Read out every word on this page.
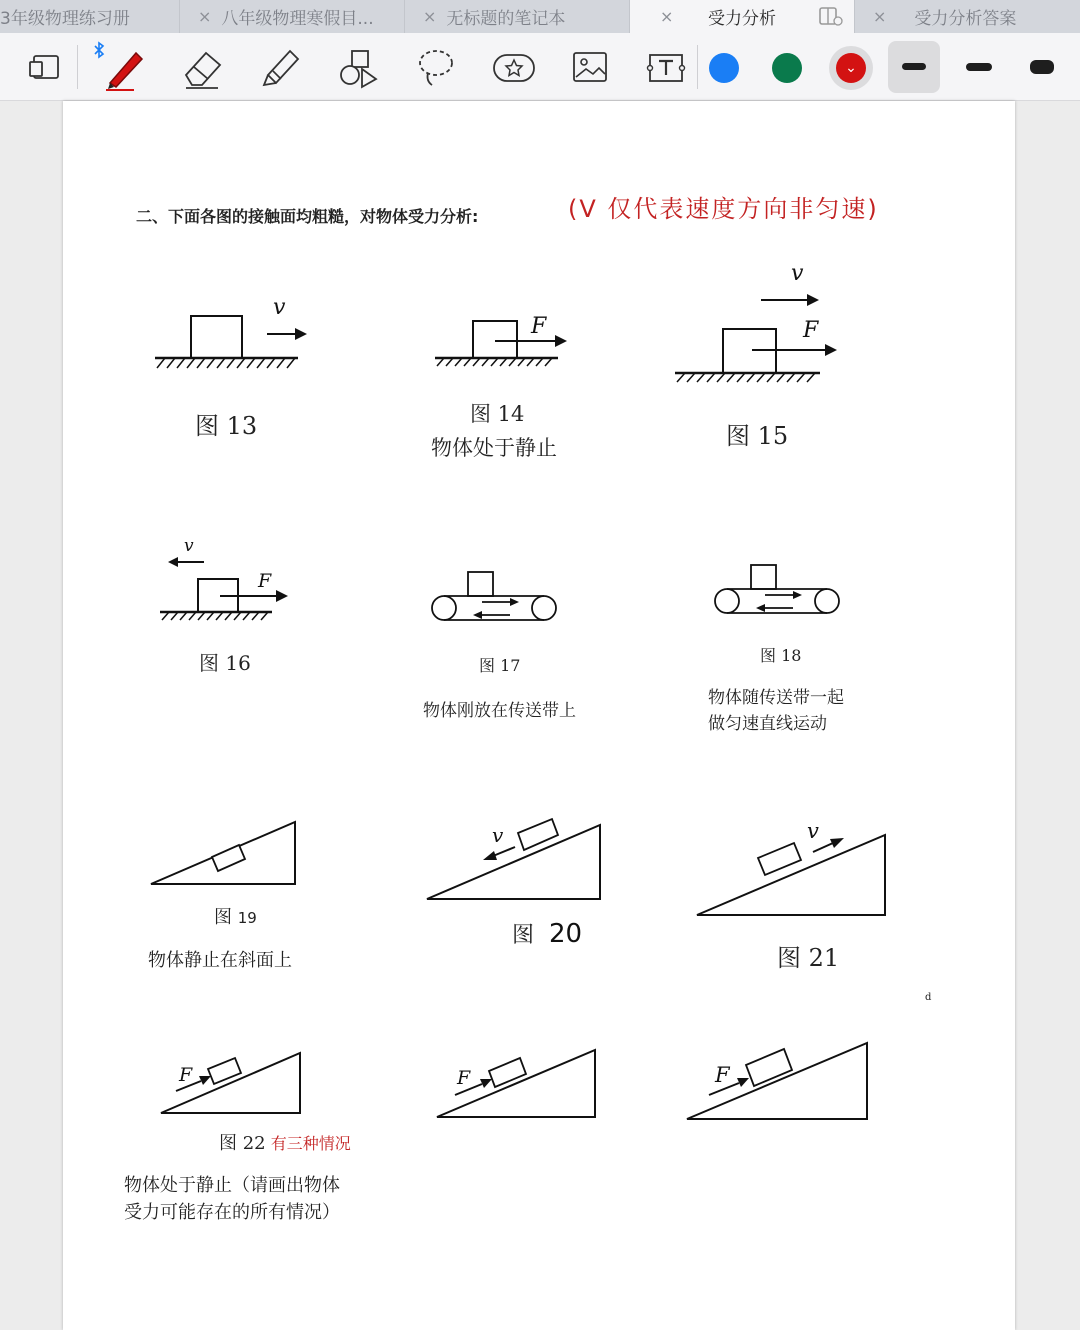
3年级物理练习册	× 八年级物理寒假目...	× 无标题的笔记本	× 受力分析	× 受力分析答案
⌄
二、下面各图的接触面均粗糙，对物体受力分析:	(V 仅代表速度方向非匀速)
v
图 13
F
图 14
物体处于静止
v
F
图 15
v
F
图 16	图 17
物体刚放在传送带上
图 18
物体随传送带一起
做匀速直线运动
图 19
物体静止在斜面上
v
图 20
v
图 21
d
F
图 22 有三种情况
物体处于静止（请画出物体
受力可能存在的所有情况）
F	F
